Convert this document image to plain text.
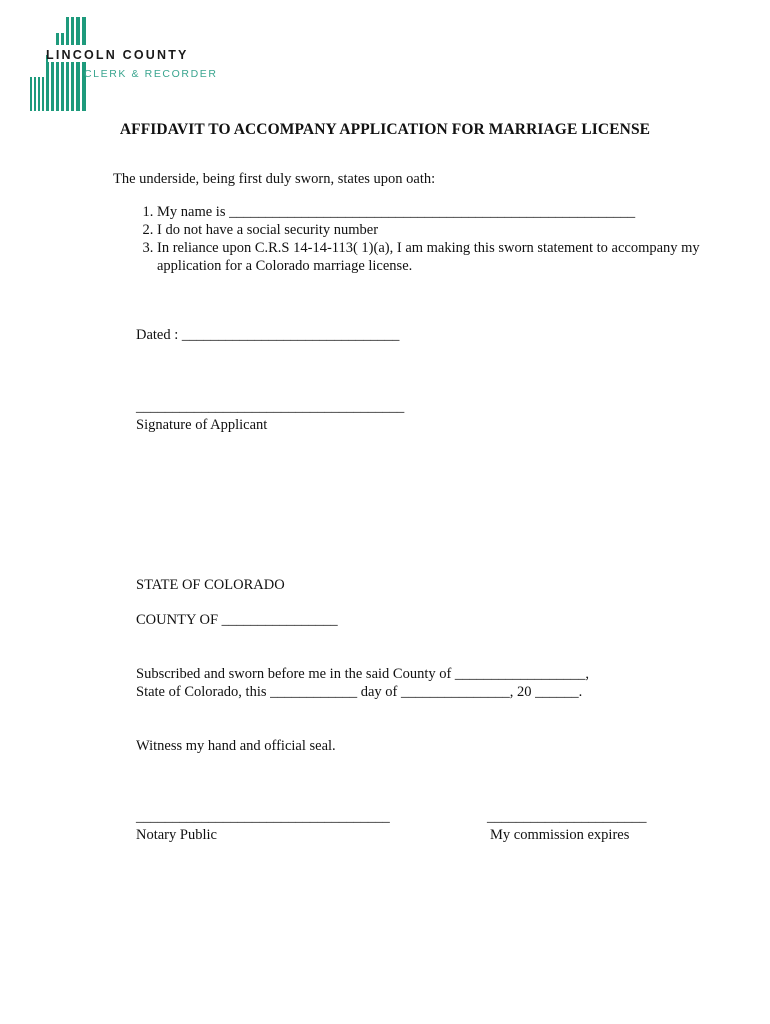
LINCOLN COUNTY
CLERK & RECORDER
AFFIDAVIT TO ACCOMPANY APPLICATION FOR MARRIAGE LICENSE
The underside, being first duly sworn, states upon oath:
1. My name is ________________________________________________________
2. I do not have a social security number
3. In reliance upon C.R.S 14-14-113( 1)(a), I am making this sworn statement to accompany my application for a Colorado marriage license.
Dated : ______________________________
_____________________________________
Signature of Applicant
STATE OF COLORADO
COUNTY OF ________________
Subscribed and sworn before me in the said County of __________________,
State of Colorado, this ____________ day of _______________, 20 ______.
Witness my hand and official seal.
___________________________________
Notary Public
______________________
My commission expires
